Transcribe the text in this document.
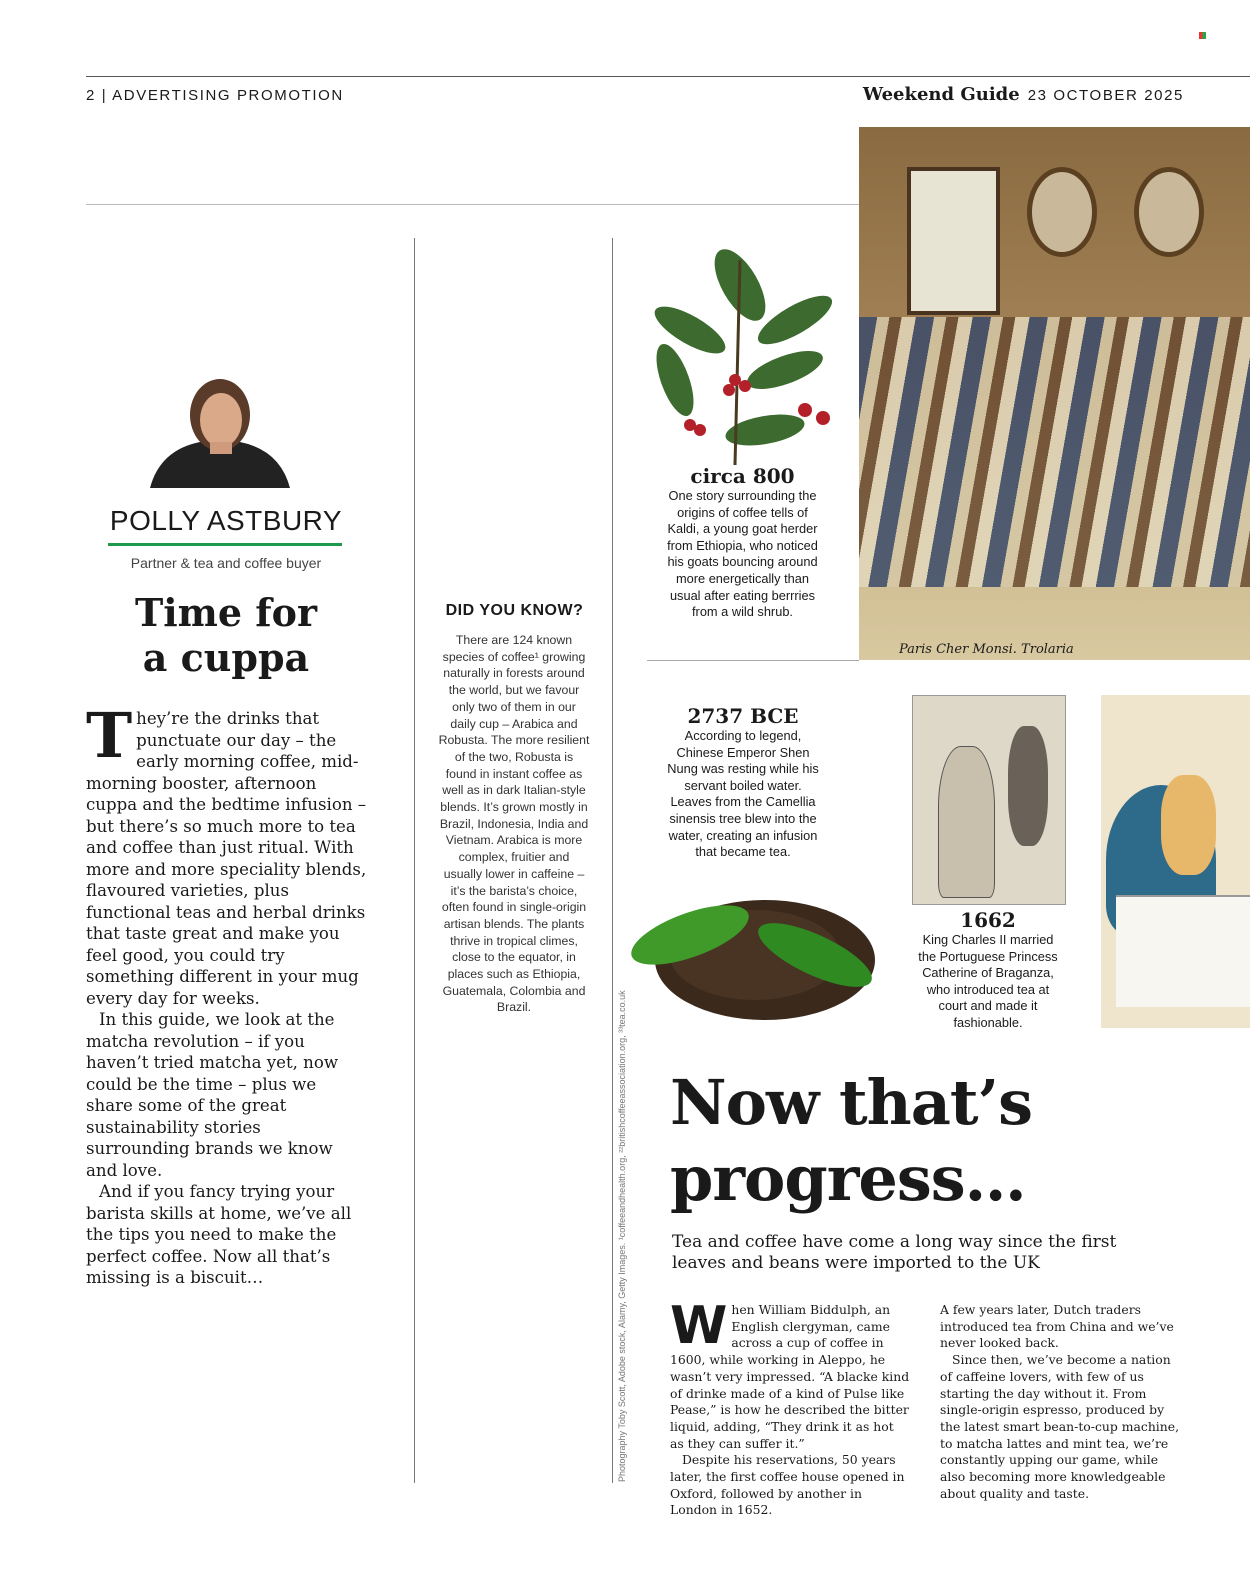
2 | ADVERTISING PROMOTION	Weekend Guide 23 OCTOBER 2025
POLLY ASTBURY
Partner & tea and coffee buyer
Time for
a cuppa

They’re the drinks that punctuate our day – the early morning coffee, mid-morning booster, afternoon cuppa and the bedtime infusion – but there’s so much more to tea and coffee than just ritual. With more and more speciality blends, flavoured varieties, plus functional teas and herbal drinks that taste great and make you feel good, you could try something different in your mug every day for weeks.

In this guide, we look at the matcha revolution – if you haven’t tried matcha yet, now could be the time – plus we share some of the great sustainability stories surrounding brands we know and love.

And if you fancy trying your barista skills at home, we’ve all the tips you need to make the perfect coffee. Now all that’s missing is a biscuit…

DID YOU KNOW?
There are 124 known species of coffee¹ growing naturally in forests around the world, but we favour only two of them in our daily cup – Arabica and Robusta. The more resilient of the two, Robusta is found in instant coffee as well as in dark Italian-style blends. It’s grown mostly in Brazil, Indonesia, India and Vietnam. Arabica is more complex, fruitier and usually lower in caffeine – it’s the barista’s choice, often found in single-origin artisan blends. The plants thrive in tropical climes, close to the equator, in places such as Ethiopia, Guatemala, Colombia and Brazil.	Photography Toby Scott, Adobe stock, Alamy, Getty Images. ¹coffeeandhealth.org, ²²britishcoffeeassociation.org, ³³tea.co.uk
circa 800
One story surrounding the origins of coffee tells of Kaldi, a young goat herder from Ethiopia, who noticed his goats bouncing around more energetically than usual after eating berrries from a wild shrub.
Paris Cher Monsi. Trolaria
2737 BCE
According to legend, Chinese Emperor Shen Nung was resting while his servant boiled water. Leaves from the Camellia sinensis tree blew into the water, creating an infusion that became tea.
1662
King Charles II married the Portuguese Princess Catherine of Braganza, who introduced tea at court and made it fashionable.
Now that’s
progress…
Tea and coffee have come a long way since the first leaves and beans were imported to the UK

When William Biddulph, an English clergyman, came across a cup of coffee in 1600, while working in Aleppo, he wasn’t very impressed. “A blacke kind of drinke made of a kind of Pulse like Pease,” is how he described the bitter liquid, adding, “They drink it as hot as they can suffer it.”

Despite his reservations, 50 years later, the first coffee house opened in Oxford, followed by another in London in 1652.

A few years later, Dutch traders introduced tea from China and we’ve never looked back.

Since then, we’ve become a nation of caffeine lovers, with few of us starting the day without it. From single-origin espresso, produced by the latest smart bean-to-cup machine, to matcha lattes and mint tea, we’re constantly upping our game, while also becoming more knowledgeable about quality and taste.
